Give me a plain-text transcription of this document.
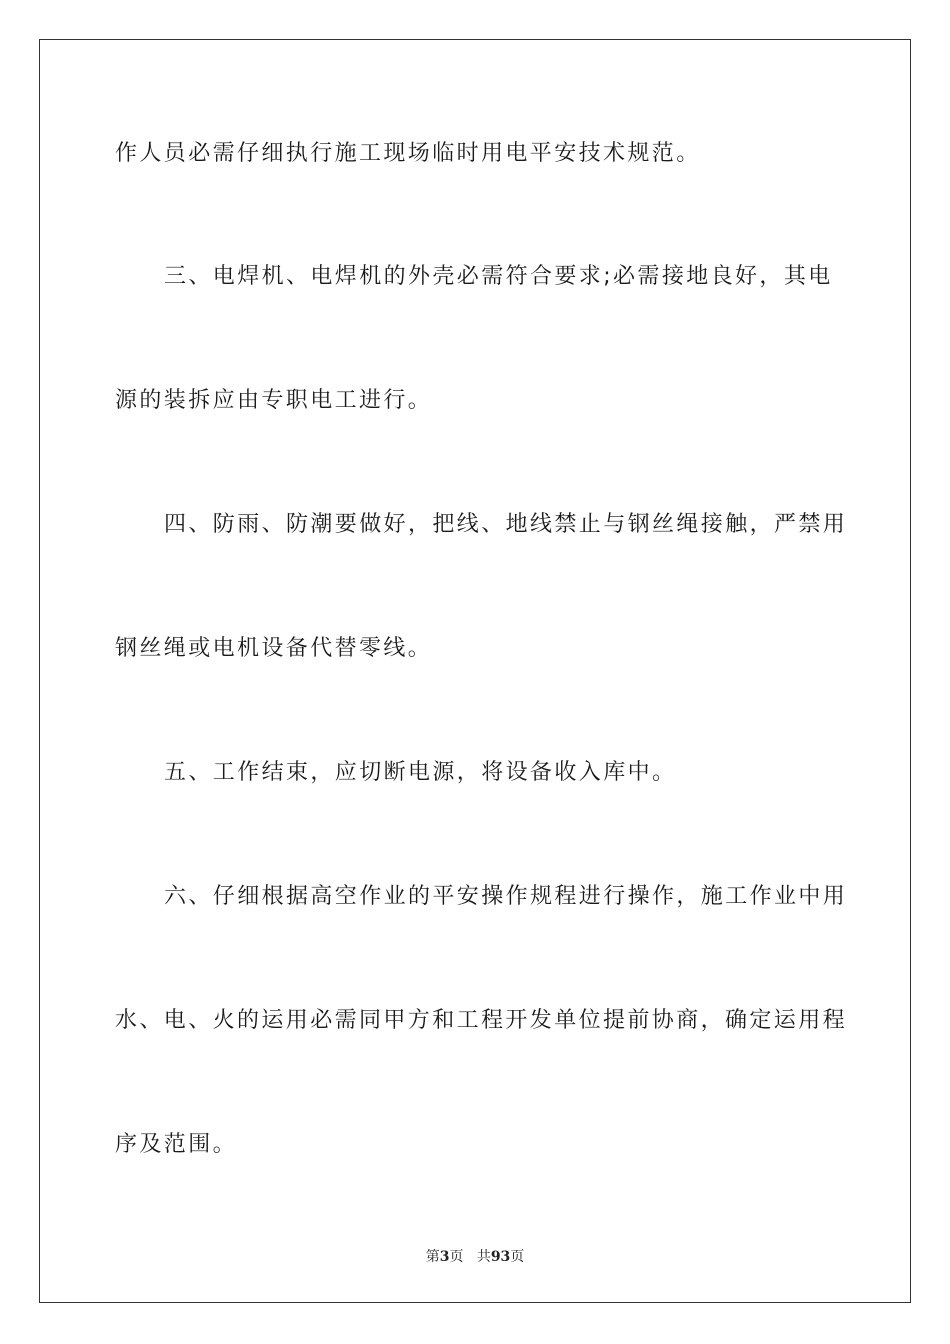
作人员必需仔细执行施工现场临时用电平安技术规范。
三、电焊机、电焊机的外壳必需符合要求;必需接地良好，其电
源的装拆应由专职电工进行。
四、防雨、防潮要做好，把线、地线禁止与钢丝绳接触，严禁用
钢丝绳或电机设备代替零线。
五、工作结束，应切断电源，将设备收入库中。
六、仔细根据高空作业的平安操作规程进行操作，施工作业中用
水、电、火的运用必需同甲方和工程开发单位提前协商，确定运用程
序及范围。
第3页 共93页
